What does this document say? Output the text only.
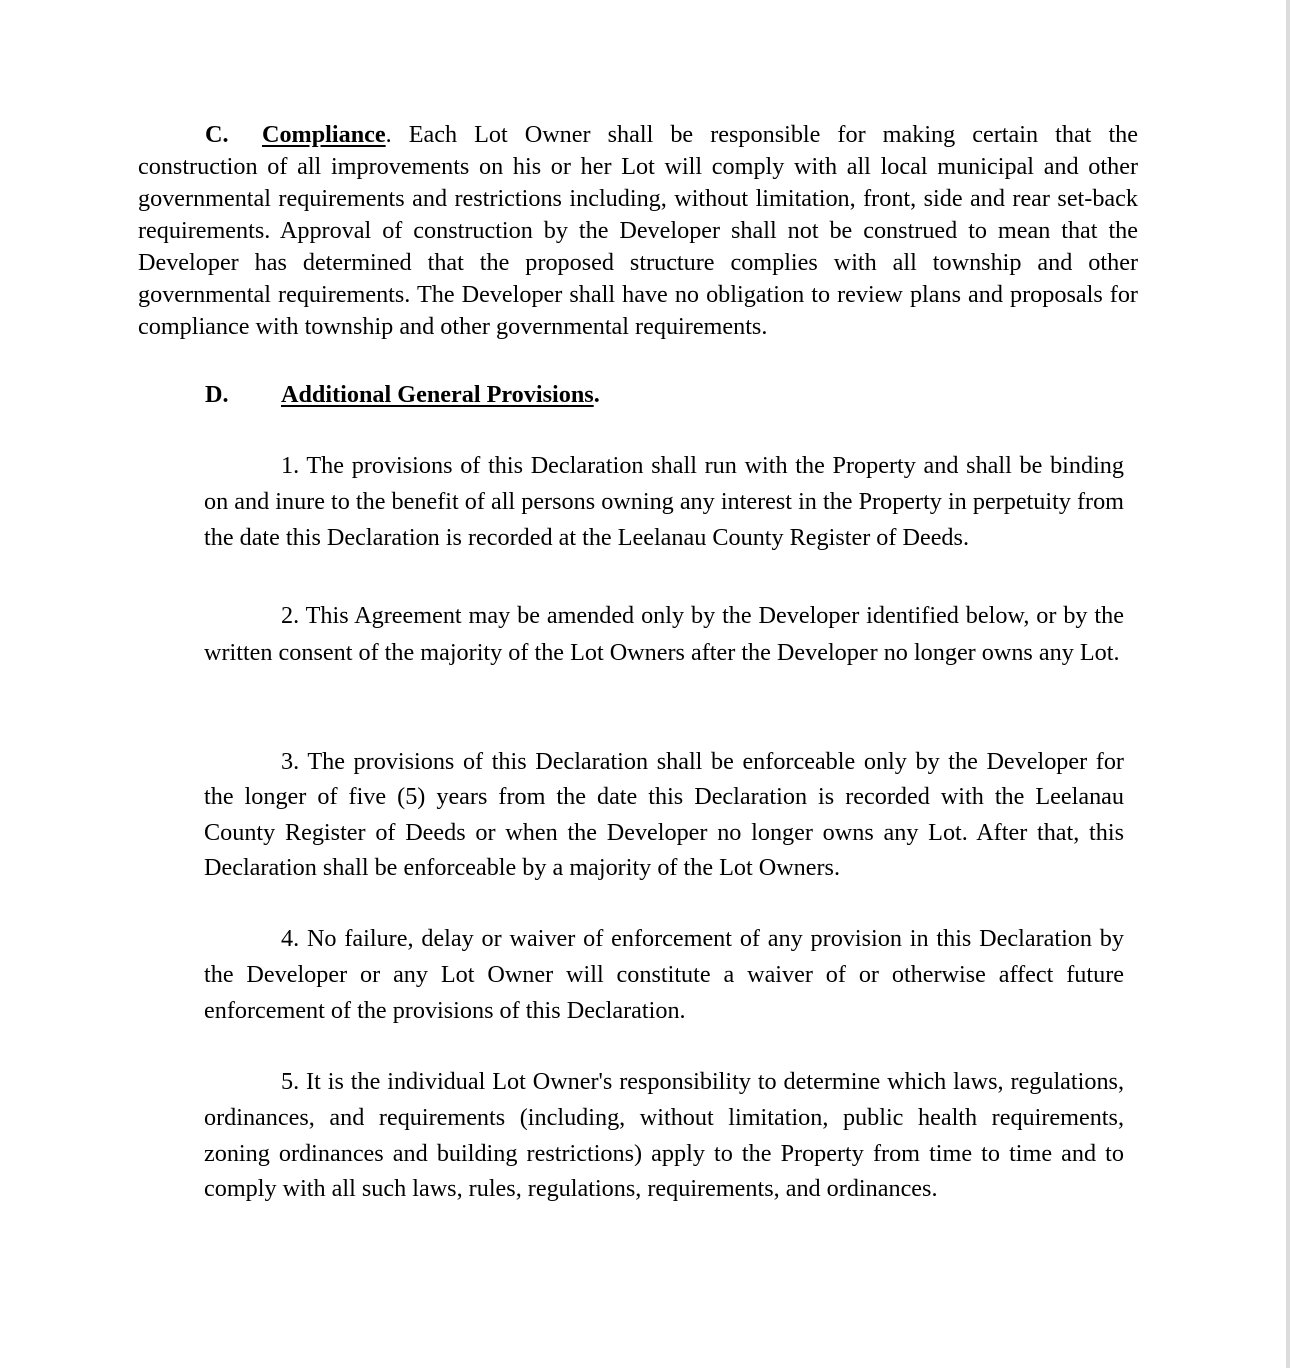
C. Compliance. Each Lot Owner shall be responsible for making certain that the construction of all improvements on his or her Lot will comply with all local municipal and other governmental requirements and restrictions including, without limitation, front, side and rear set-back requirements. Approval of construction by the Developer shall not be construed to mean that the Developer has determined that the proposed structure complies with all township and other governmental requirements. The Developer shall have no obligation to review plans and proposals for compliance with township and other governmental requirements.

D. Additional General Provisions.

1. The provisions of this Declaration shall run with the Property and shall be binding on and inure to the benefit of all persons owning any interest in the Property in perpetuity from the date this Declaration is recorded at the Leelanau County Register of Deeds.

2. This Agreement may be amended only by the Developer identified below, or by the written consent of the majority of the Lot Owners after the Developer no longer owns any Lot.

3. The provisions of this Declaration shall be enforceable only by the Developer for the longer of five (5) years from the date this Declaration is recorded with the Leelanau County Register of Deeds or when the Developer no longer owns any Lot. After that, this Declaration shall be enforceable by a majority of the Lot Owners.

4. No failure, delay or waiver of enforcement of any provision in this Declaration by the Developer or any Lot Owner will constitute a waiver of or otherwise affect future enforcement of the provisions of this Declaration.

5. It is the individual Lot Owner's responsibility to determine which laws, regulations, ordinances, and requirements (including, without limitation, public health requirements, zoning ordinances and building restrictions) apply to the Property from time to time and to comply with all such laws, rules, regulations, requirements, and ordinances.
